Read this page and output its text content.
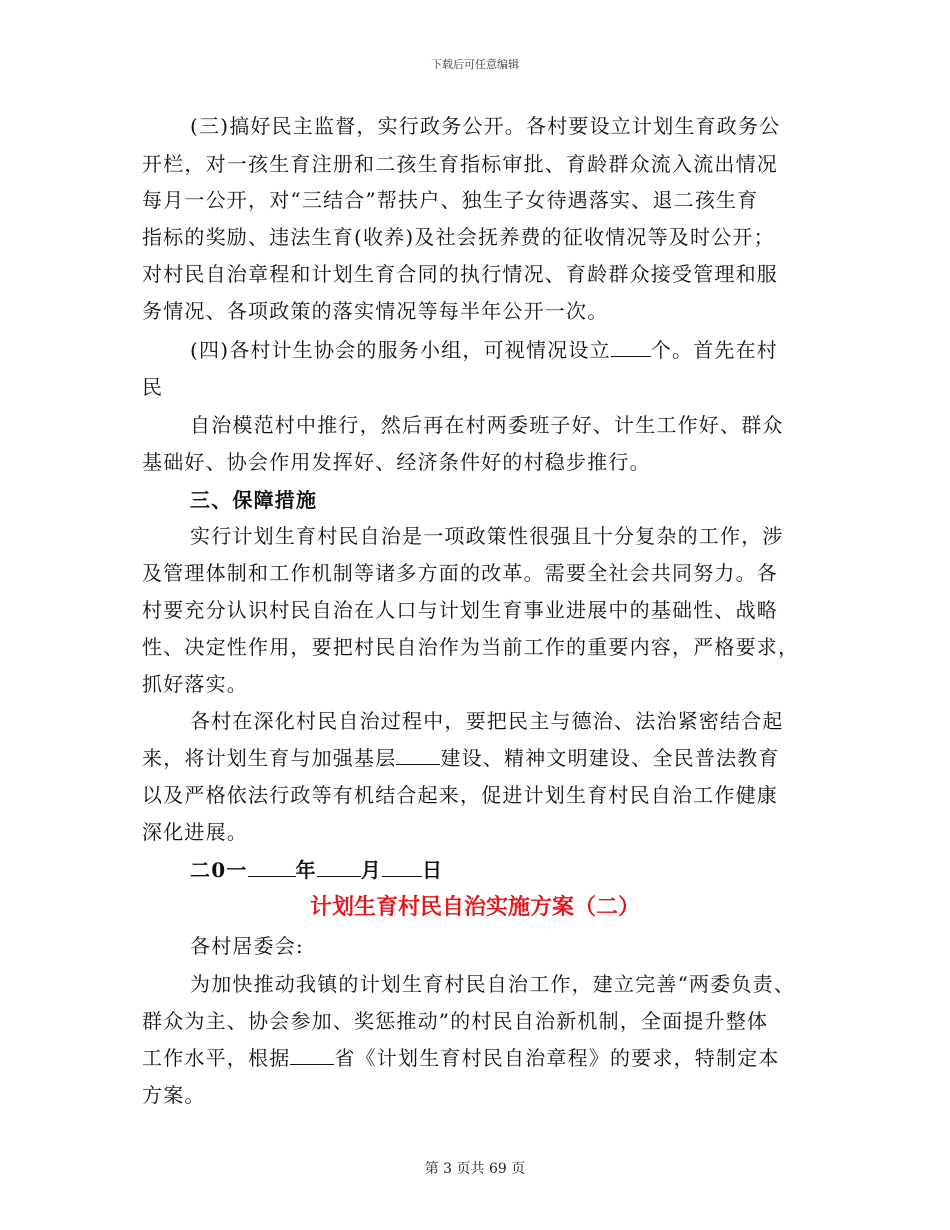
下载后可任意编辑
(三)搞好民主监督，实行政务公开。各村要设立计划生育政务公
开栏，对一孩生育注册和二孩生育指标审批、育龄群众流入流出情况
每月一公开，对“三结合”帮扶户、独生子女待遇落实、退二孩生育
指标的奖励、违法生育(收养)及社会抚养费的征收情况等及时公开；
对村民自治章程和计划生育合同的执行情况、育龄群众接受管理和服
务情况、各项政策的落实情况等每半年公开一次。
(四)各村计生协会的服务小组，可视情况设立 个。首先在村
民
自治模范村中推行，然后再在村两委班子好、计生工作好、群众
基础好、协会作用发挥好、经济条件好的村稳步推行。
三、保障措施
实行计划生育村民自治是一项政策性很强且十分复杂的工作，涉
及管理体制和工作机制等诸多方面的改革。需要全社会共同努力。各
村要充分认识村民自治在人口与计划生育事业进展中的基础性、战略
性、决定性作用，要把村民自治作为当前工作的重要内容，严格要求，
抓好落实。
各村在深化村民自治过程中，要把民主与德治、法治紧密结合起
来，将计划生育与加强基层 建设、精神文明建设、全民普法教育
以及严格依法行政等有机结合起来，促进计划生育村民自治工作健康
深化进展。
二0一 年 月 日
计划生育村民自治实施方案（二）
各村居委会:
为加快推动我镇的计划生育村民自治工作，建立完善“两委负责、
群众为主、协会参加、奖惩推动”的村民自治新机制，全面提升整体
工作水平，根据 省《计划生育村民自治章程》的要求，特制定本
方案。
第 3 页共 69 页
